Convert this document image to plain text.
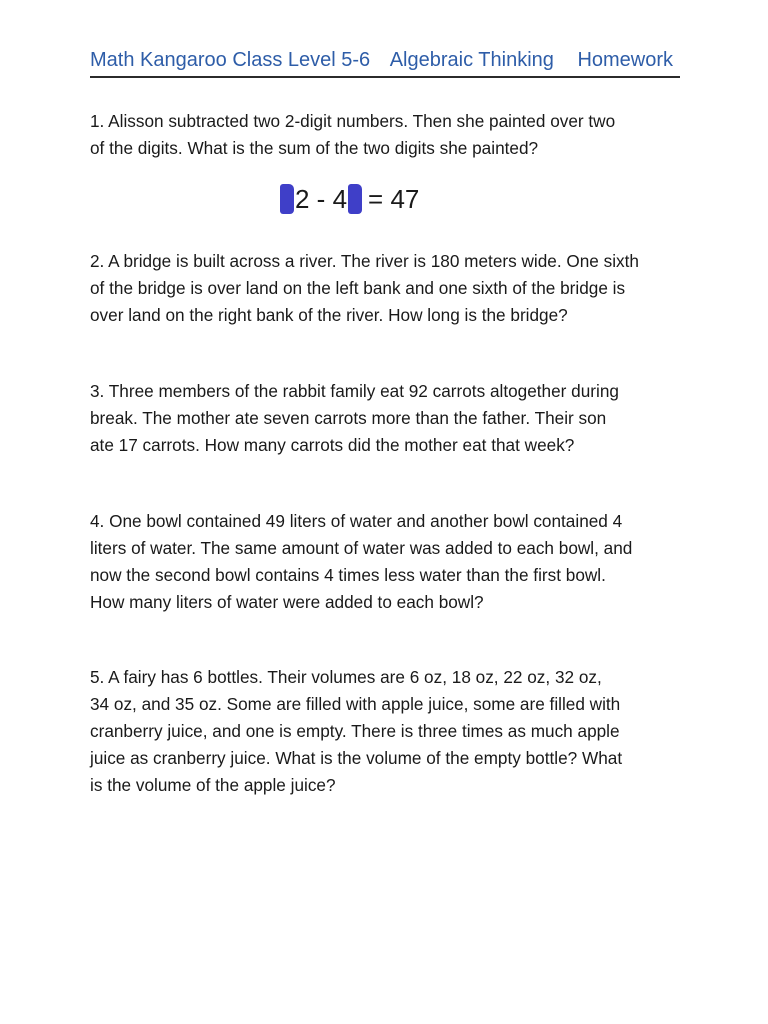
Math Kangaroo Class Level 5-6 Algebraic Thinking Homework
1. Alisson subtracted two 2-digit numbers. Then she painted over two
of the digits. What is the sum of the two digits she painted?
2 - 4 = 47
2. A bridge is built across a river. The river is 180 meters wide. One sixth
of the bridge is over land on the left bank and one sixth of the bridge is
over land on the right bank of the river. How long is the bridge?
3. Three members of the rabbit family eat 92 carrots altogether during
break. The mother ate seven carrots more than the father. Their son
ate 17 carrots. How many carrots did the mother eat that week?
4. One bowl contained 49 liters of water and another bowl contained 4
liters of water. The same amount of water was added to each bowl, and
now the second bowl contains 4 times less water than the first bowl.
How many liters of water were added to each bowl?
5. A fairy has 6 bottles. Their volumes are 6 oz, 18 oz, 22 oz, 32 oz,
34 oz, and 35 oz. Some are filled with apple juice, some are filled with
cranberry juice, and one is empty. There is three times as much apple
juice as cranberry juice. What is the volume of the empty bottle? What
is the volume of the apple juice?
